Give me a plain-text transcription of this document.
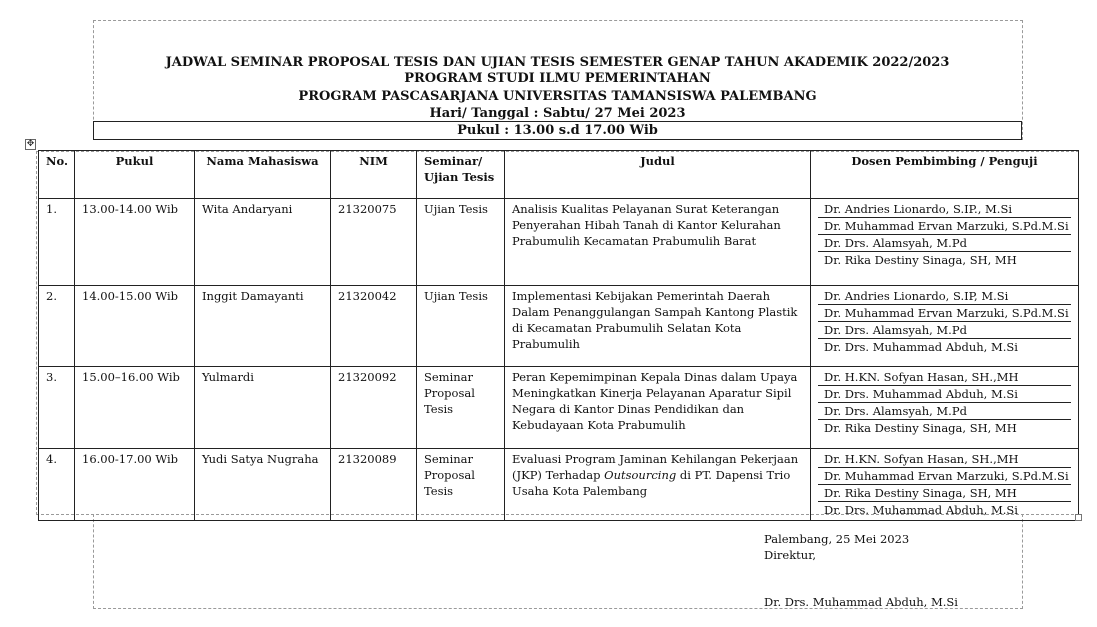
JADWAL SEMINAR PROPOSAL TESIS DAN UJIAN TESIS SEMESTER GENAP TAHUN AKADEMIK 2022/2023
PROGRAM STUDI ILMU PEMERINTAHAN
PROGRAM PASCASARJANA UNIVERSITAS TAMANSISWA PALEMBANG
Hari/ Tanggal : Sabtu/ 27 Mei 2023
Pukul : 13.00 s.d 17.00 Wib
✥
No.	Pukul	Nama Mahasiswa	NIM	Seminar/ Ujian Tesis	Judul	Dosen Pembimbing / Penguji
1.	13.00-14.00 Wib	Wita Andaryani	21320075	Ujian Tesis	Analisis Kualitas Pelayanan Surat Keterangan Penyerahan Hibah Tanah di Kantor Kelurahan Prabumulih Kecamatan Prabumulih Barat	Dr. Andries Lionardo, S.IP., M.Si
Dr. Muhammad Ervan Marzuki, S.Pd.M.Si
Dr. Drs. Alamsyah, M.Pd
Dr. Rika Destiny Sinaga, SH, MH

2.	14.00-15.00 Wib	Inggit Damayanti	21320042	Ujian Tesis	Implementasi Kebijakan Pemerintah Daerah Dalam Penanggulangan Sampah Kantong Plastik di Kecamatan Prabumulih Selatan Kota Prabumulih	Dr. Andries Lionardo, S.IP, M.Si
Dr. Muhammad Ervan Marzuki, S.Pd.M.Si
Dr. Drs. Alamsyah, M.Pd
Dr. Drs. Muhammad Abduh, M.Si

3.	15.00–16.00 Wib	Yulmardi	21320092	Seminar Proposal Tesis	Peran Kepemimpinan Kepala Dinas dalam Upaya Meningkatkan Kinerja Pelayanan Aparatur Sipil Negara di Kantor Dinas Pendidikan dan Kebudayaan Kota Prabumulih	Dr. H.KN. Sofyan Hasan, SH.,MH
Dr. Drs. Muhammad Abduh, M.Si
Dr. Drs. Alamsyah, M.Pd
Dr. Rika Destiny Sinaga, SH, MH

4.	16.00-17.00 Wib	Yudi Satya Nugraha	21320089	Seminar Proposal Tesis	Evaluasi Program Jaminan Kehilangan Pekerjaan (JKP) Terhadap Outsourcing di PT. Dapensi Trio Usaha Kota Palembang	Dr. H.KN. Sofyan Hasan, SH.,MH
Dr. Muhammad Ervan Marzuki, S.Pd.M.Si
Dr. Rika Destiny Sinaga, SH, MH
Dr. Drs. Muhammad Abduh, M.Si
Palembang, 25 Mei 2023
Direktur,
Dr. Drs. Muhammad Abduh, M.Si
